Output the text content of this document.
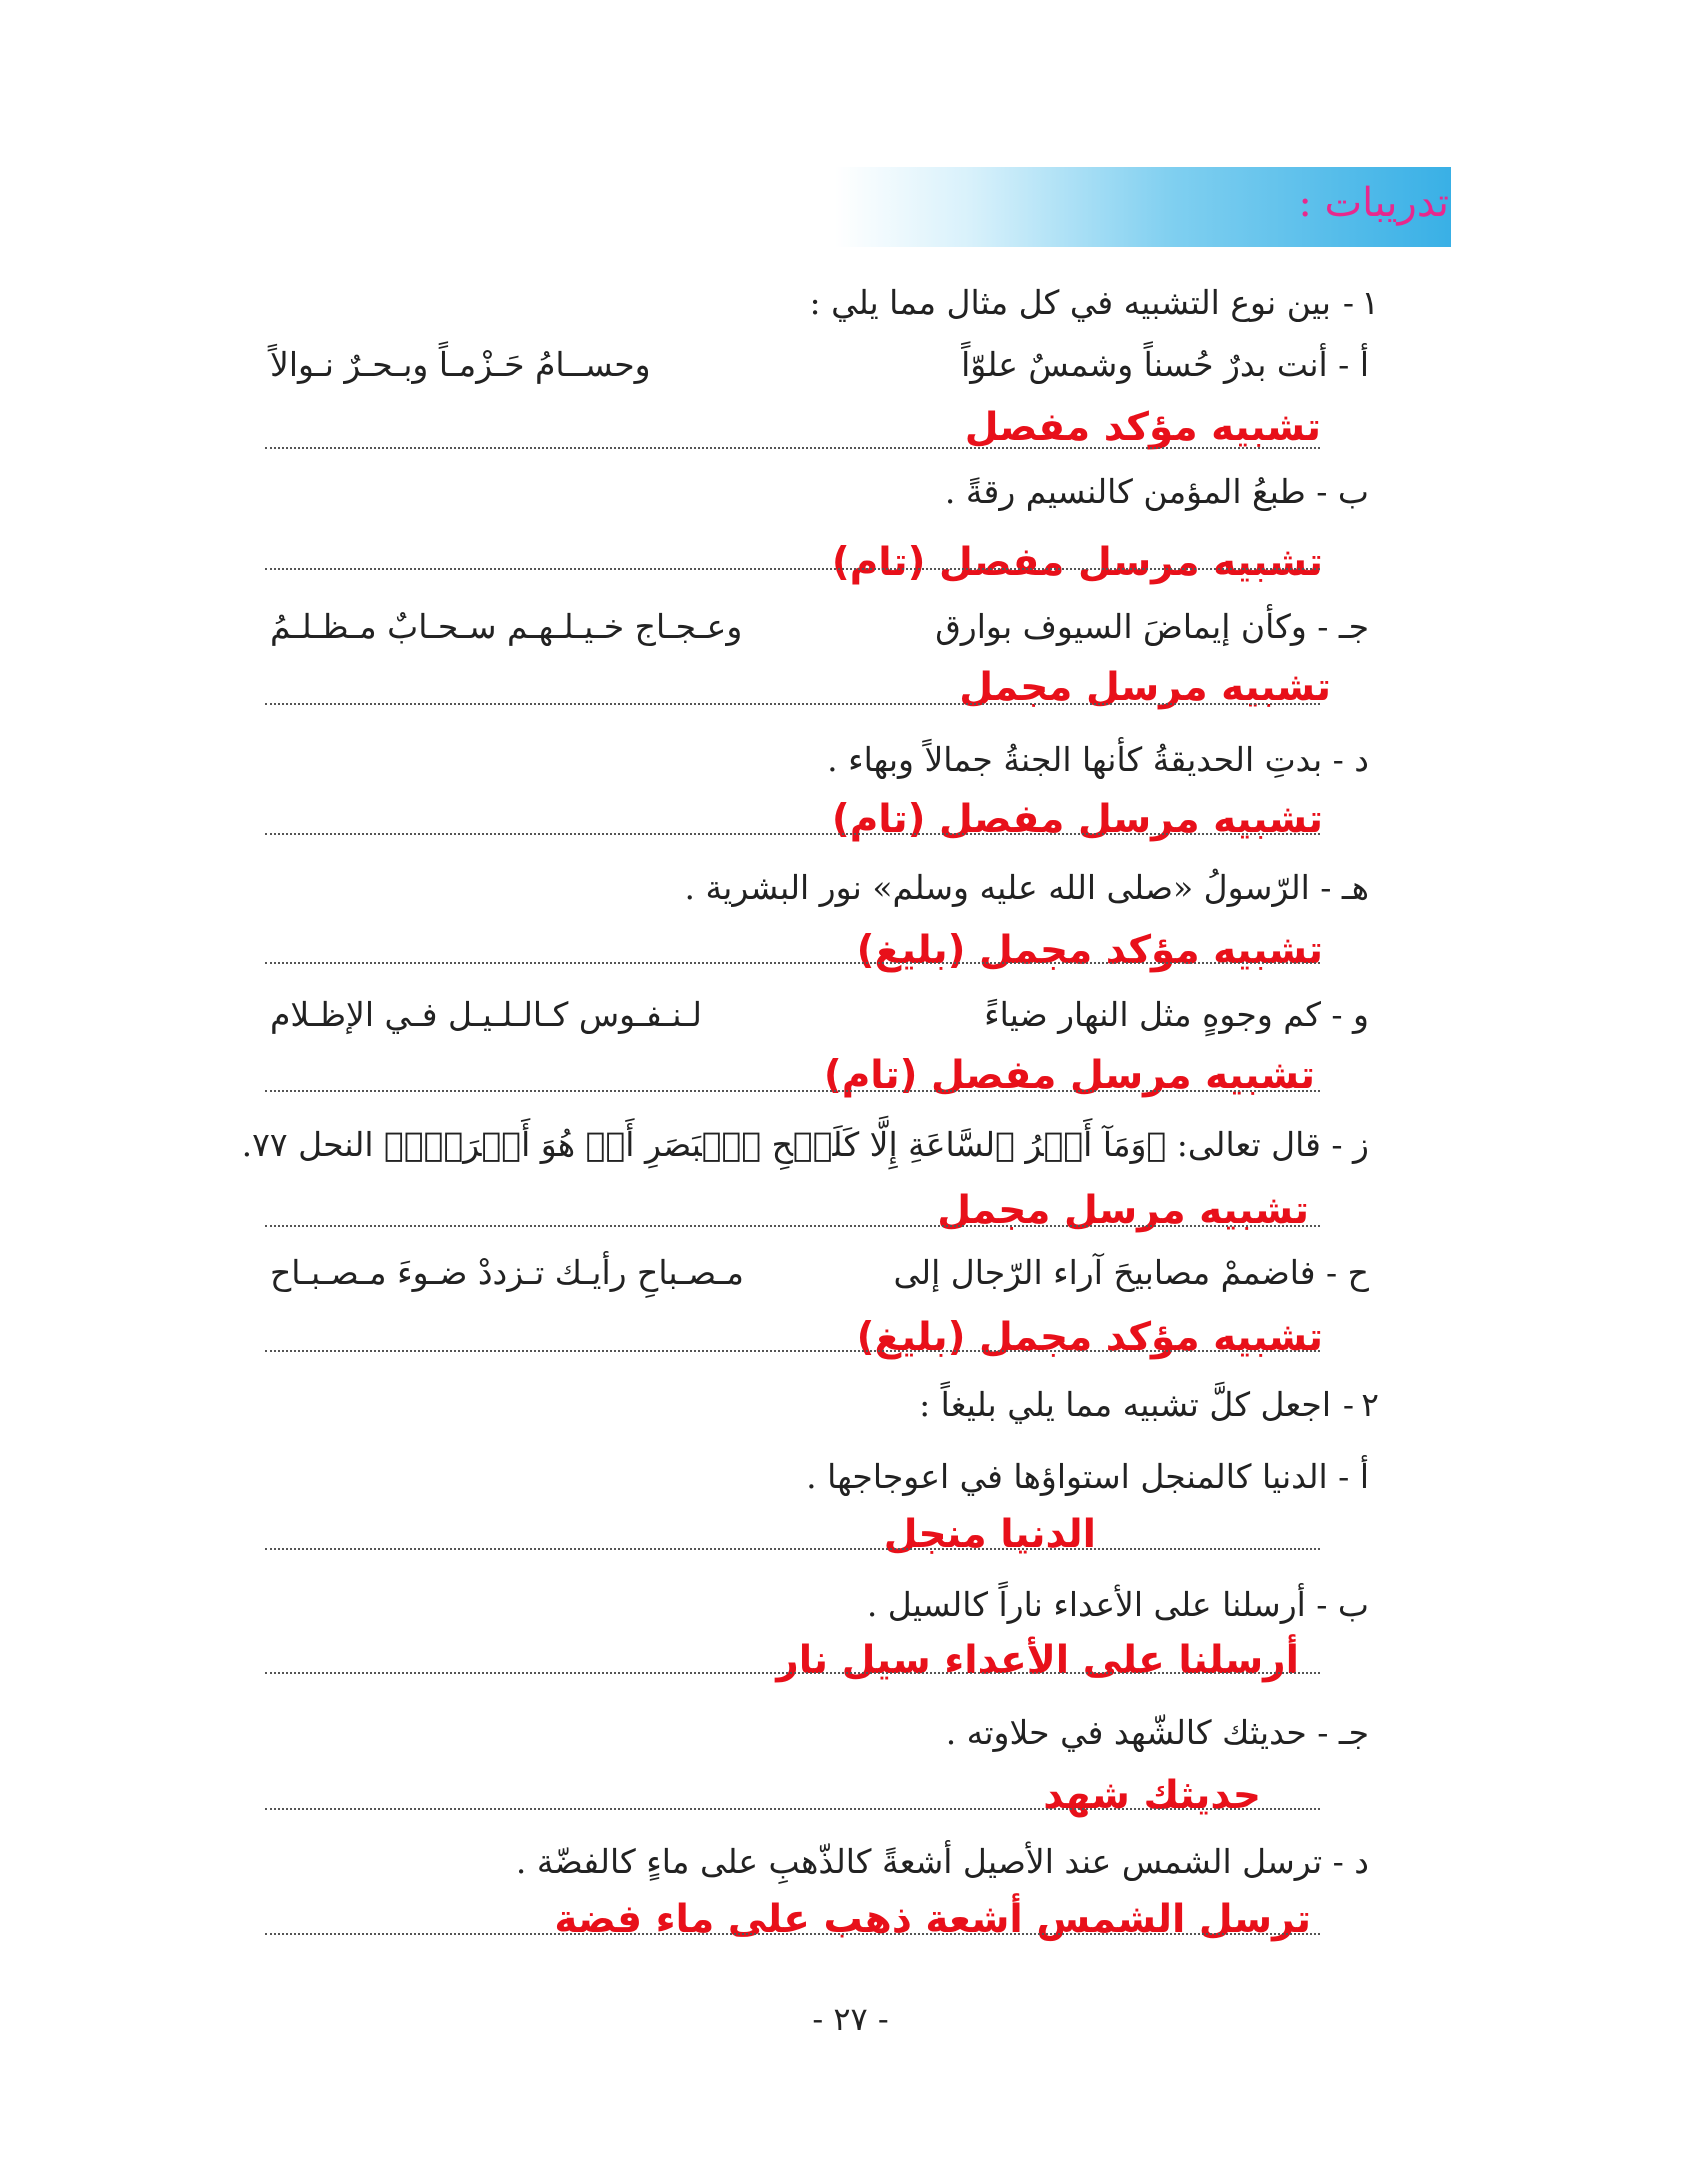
تدريبات :
١
-
بين نوع التشبيه في كل مثال مما يلي :
أ - أنت بدرٌ حُسناً وشمسٌ علوّاً
وحســامُ حَـزْمـاً وبـحـرٌ نـوالاً
تشبيه مؤكد مفصل
ب - طبعُ المؤمن كالنسيم رقةً .
تشبيه مرسل مفصل (تام)
جـ - وكأن إيماضَ السيوف بوارق
وعـجـاج خـيـلـهـم سـحـابٌ مـظـلـمُ
تشبيه مرسل مجمل
د - بدتِ الحديقةُ كأنها الجنةُ جمالاً وبهاء .
تشبيه مرسل مفصل (تام)
هـ - الرّسولُ «صلى الله عليه وسلم» نور البشرية .
تشبيه مؤكد مجمل (بليغ)
و - كم وجوهٍ مثل النهار ضياءً
لـنـفـوس كـالـلـيـل فـي الإظـلام
تشبيه مرسل مفصل (تام)
ز - قال تعالى: ﴿وَمَآ أَمۡرُ ٱلسَّاعَةِ إِلَّا كَلَمۡحِ ٱلۡبَصَرِ أَوۡ هُوَ أَقۡرَبُۚ﴾ النحل ٧٧.
تشبيه مرسل مجمل
ح - فاضممْ مصابيحَ آراء الرّجال إلى
مـصـباحِ رأيـك تـزددْ ضـوءَ مـصـبـاح
تشبيه مؤكد مجمل (بليغ)
٢
-
اجعل كلَّ تشبيه مما يلي بليغاً :
أ - الدنيا كالمنجل استواؤها في اعوجاجها .
الدنيا منجل
ب - أرسلنا على الأعداء ناراً كالسيل .
أرسلنا على الأعداء سيل نار
جـ - حديثك كالشّهد في حلاوته .
حديثك شهد
د - ترسل الشمس عند الأصيل أشعةً كالذّهبِ على ماءٍ كالفضّة .
ترسل الشمس أشعة ذهب على ماء فضة
- ٢٧ -
